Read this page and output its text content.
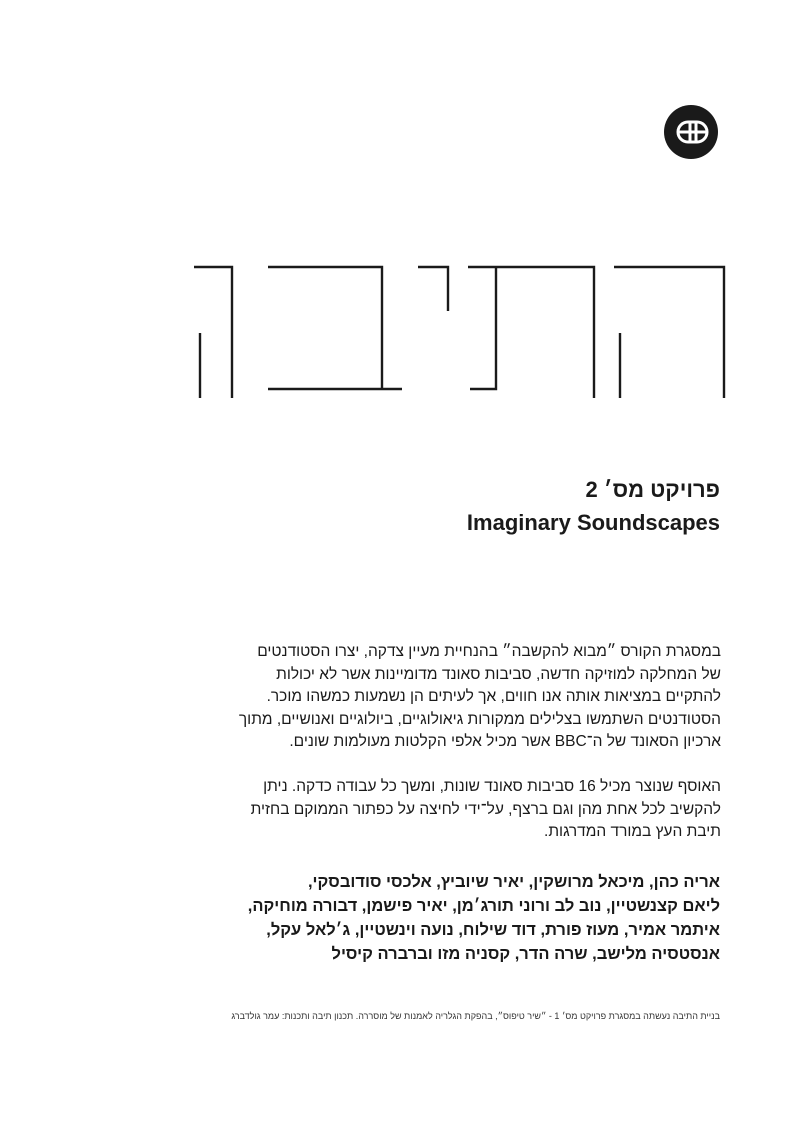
פרויקט מס׳ 2
Imaginary Soundscapes
במסגרת הקורס ״מבוא להקשבה״ בהנחיית מעיין צדקה, יצרו הסטודנטים
של המחלקה למוזיקה חדשה, סביבות סאונד מדומיינות אשר לא יכולות
להתקיים במציאות אותה אנו חווים, אך לעיתים הן נשמעות כמשהו מוכר.
הסטודנטים השתמשו בצלילים ממקורות גיאולוגיים, ביולוגיים ואנושיים, מתוך
ארכיון הסאונד של ה־BBC אשר מכיל אלפי הקלטות מעולמות שונים.
האוסף שנוצר מכיל 16 סביבות סאונד שונות, ומשך כל עבודה כדקה. ניתן
להקשיב לכל אחת מהן וגם ברצף, על־ידי לחיצה על כפתור הממוקם בחזית
תיבת העץ במורד המדרגות.
אריה כהן, מיכאל מרושקין, יאיר שיוביץ, אלכסי סודובסקי,
ליאם קצנשטיין, נוב לב ורוני תורג׳מן, יאיר פישמן, דבורה מוחיקה,
איתמר אמיר, מעוז פורת, דוד שילוח, נועה וינשטיין, ג׳לאל עקל,
אנסטסיה מלישב, שרה הדר, קסניה מזו וברברה קיסיל
בניית התיבה נעשתה במסגרת פרויקט מס׳ 1 - ״שיר טיפוס״, בהפקת הגלריה לאמנות של מוסררה. תכנון תיבה ותכנות: עמר גולדברג
